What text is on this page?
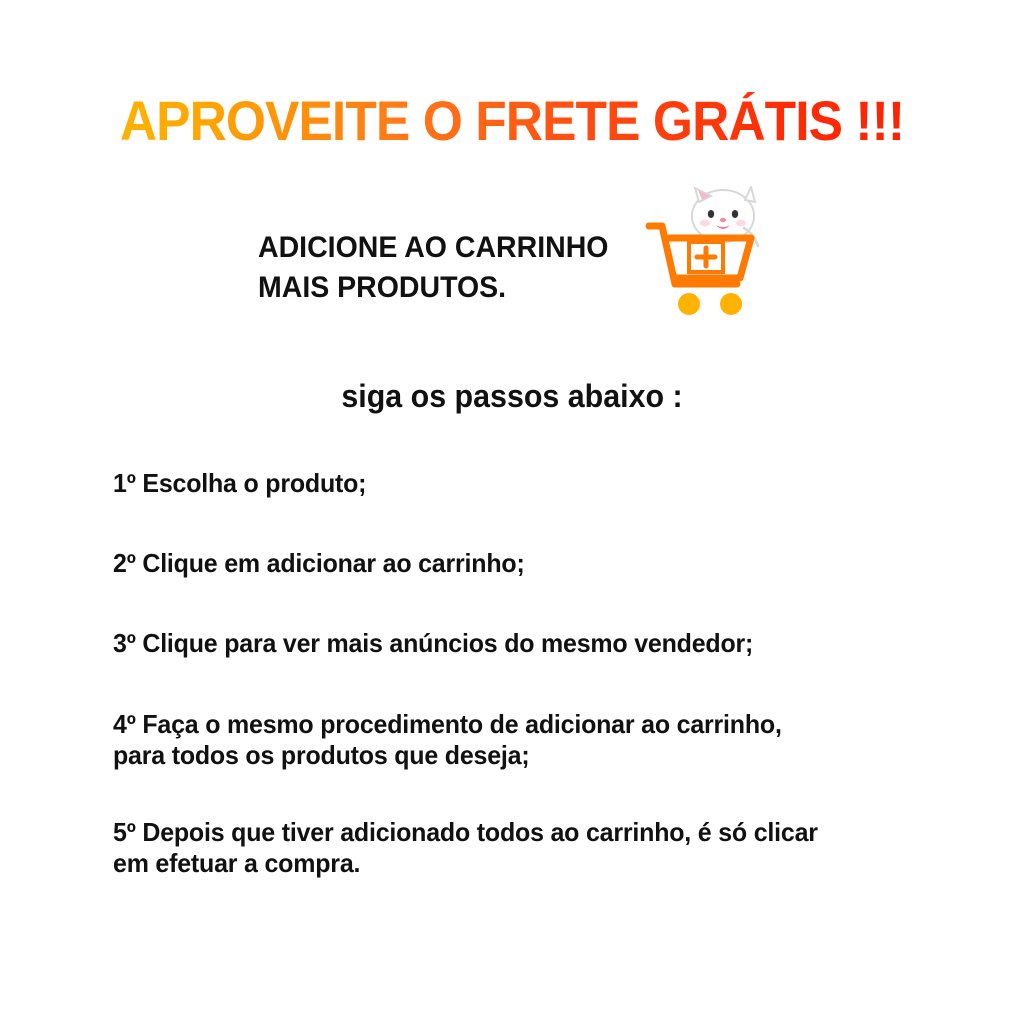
APROVEITE O FRETE GRÁTIS !!!
ADICIONE AO CARRINHO
MAIS PRODUTOS.
siga os passos abaixo :
1º Escolha o produto;
2º Clique em adicionar ao carrinho;
3º Clique para ver mais anúncios do mesmo vendedor;
4º Faça o mesmo procedimento de adicionar ao carrinho,
para todos os produtos que deseja;
5º Depois que tiver adicionado todos ao carrinho, é só clicar
em efetuar a compra.
